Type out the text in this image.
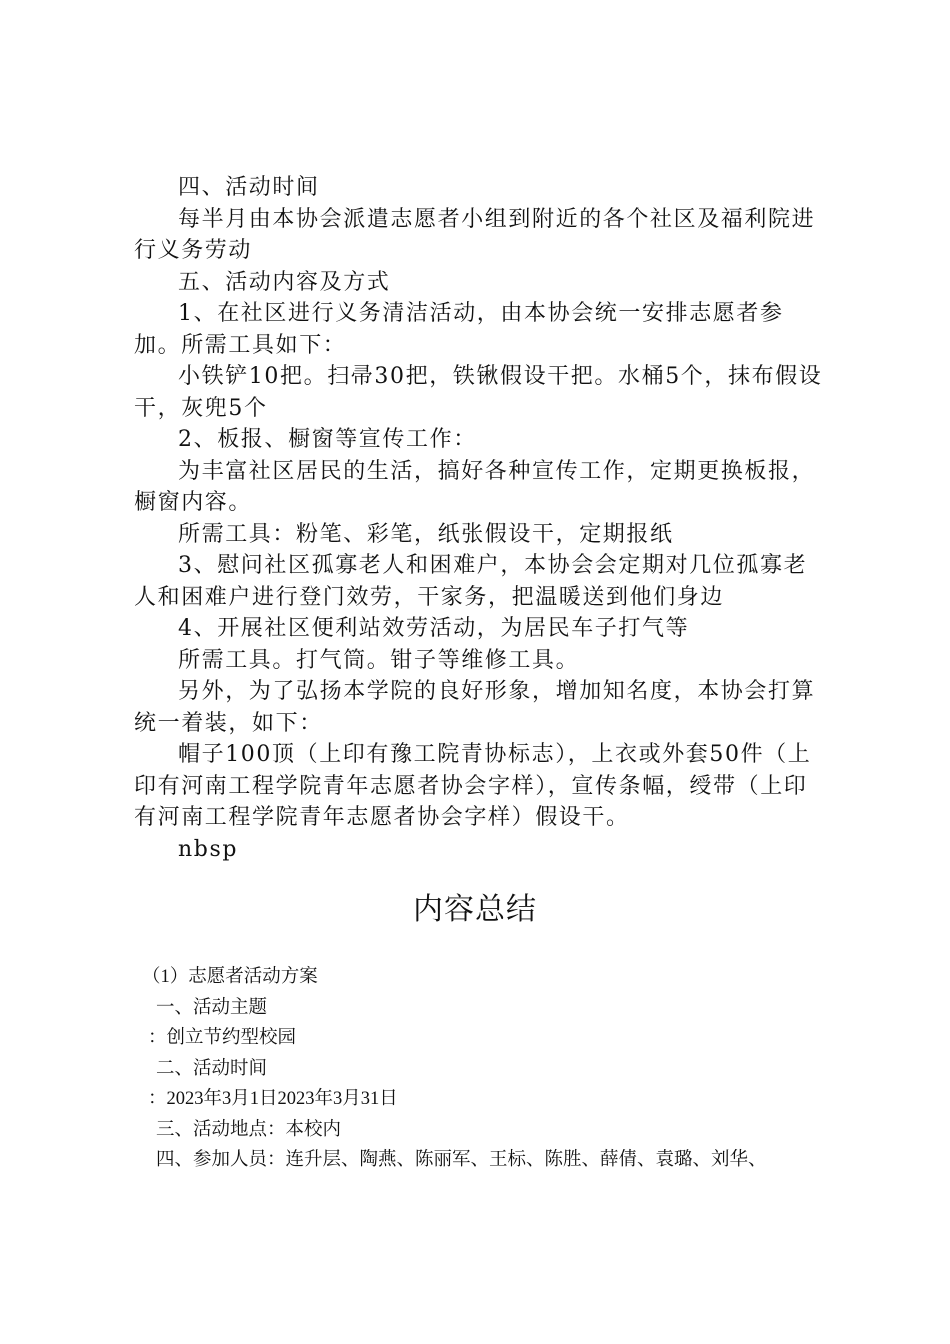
四、活动时间

每半月由本协会派遣志愿者小组到附近的各个社区及福利院进行义务劳动

五、活动内容及方式

1、在社区进行义务清洁活动，由本协会统一安排志愿者参加。所需工具如下：

小铁铲10把。扫帚30把，铁锹假设干把。水桶5个，抹布假设干，灰兜5个

2、板报、橱窗等宣传工作：

为丰富社区居民的生活，搞好各种宣传工作，定期更换板报，橱窗内容。

所需工具：粉笔、彩笔，纸张假设干，定期报纸

3、慰问社区孤寡老人和困难户，本协会会定期对几位孤寡老人和困难户进行登门效劳，干家务，把温暖送到他们身边

4、开展社区便利站效劳活动，为居民车子打气等

所需工具。打气筒。钳子等维修工具。

另外，为了弘扬本学院的良好形象，增加知名度，本协会打算统一着装，如下：

帽子100顶（上印有豫工院青协标志），上衣或外套50件（上印有河南工程学院青年志愿者协会字样），宣传条幅，绶带（上印有河南工程学院青年志愿者协会字样）假设干。

nbsp

内容总结

（1）志愿者活动方案

一、活动主题

：创立节约型校园

二、活动时间

：2023年3月1日2023年3月31日

三、活动地点：本校内

四、参加人员：连升层、陶燕、陈丽军、王标、陈胜、薛倩、袁璐、刘华、
